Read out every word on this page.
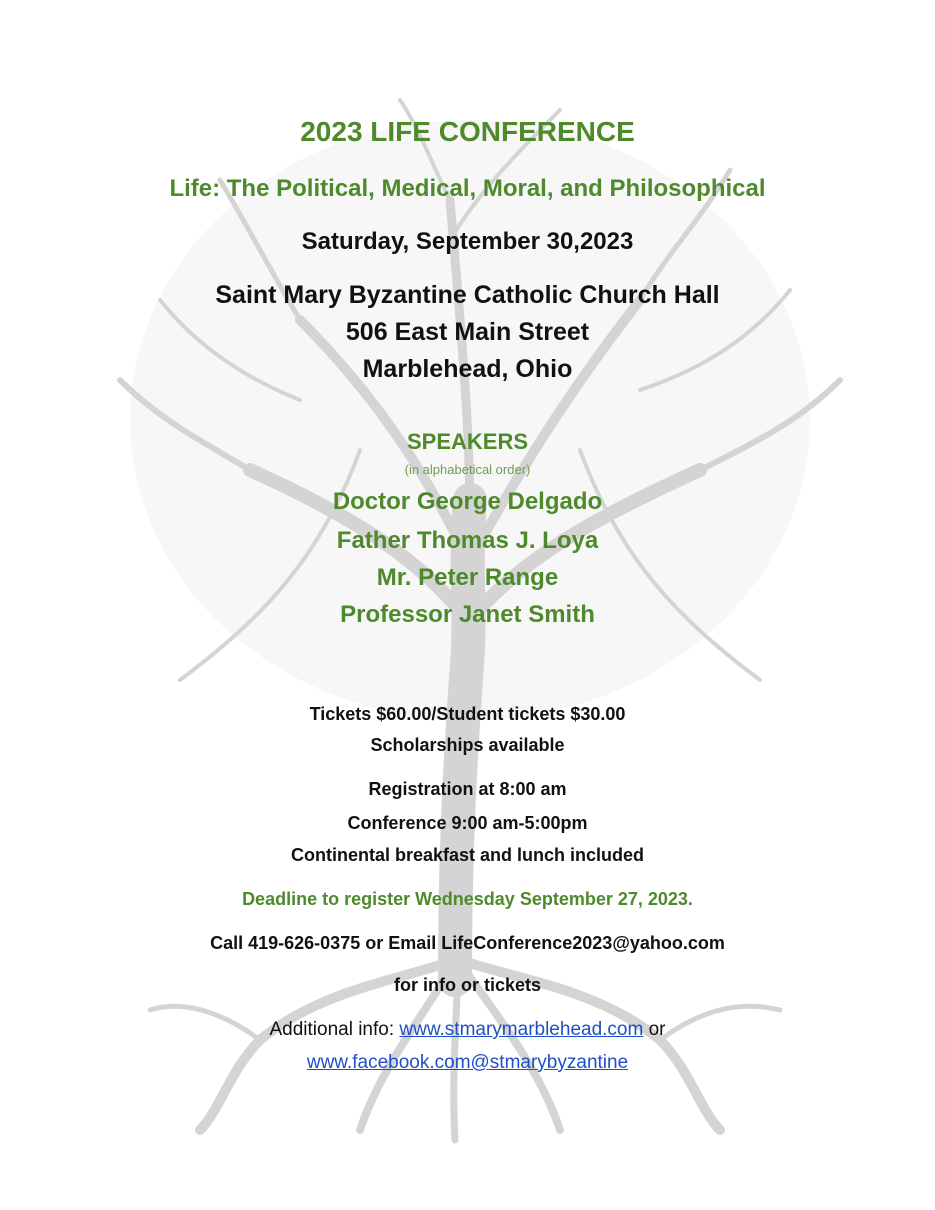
2023 LIFE CONFERENCE
Life: The Political, Medical, Moral, and Philosophical
Saturday, September 30,2023
Saint Mary Byzantine Catholic Church Hall
506 East Main Street
Marblehead, Ohio
SPEAKERS
(in alphabetical order)
Doctor George Delgado
Father Thomas J. Loya
Mr. Peter Range
Professor Janet Smith
Tickets $60.00/Student tickets $30.00
Scholarships available
Registration at 8:00 am
Conference 9:00 am-5:00pm
Continental breakfast and lunch included
Deadline to register Wednesday September 27, 2023.
Call 419-626-0375 or Email LifeConference2023@yahoo.com
for info or tickets
Additional info: www.stmarymarblehead.com or
www.facebook.com@stmarybyzantine
